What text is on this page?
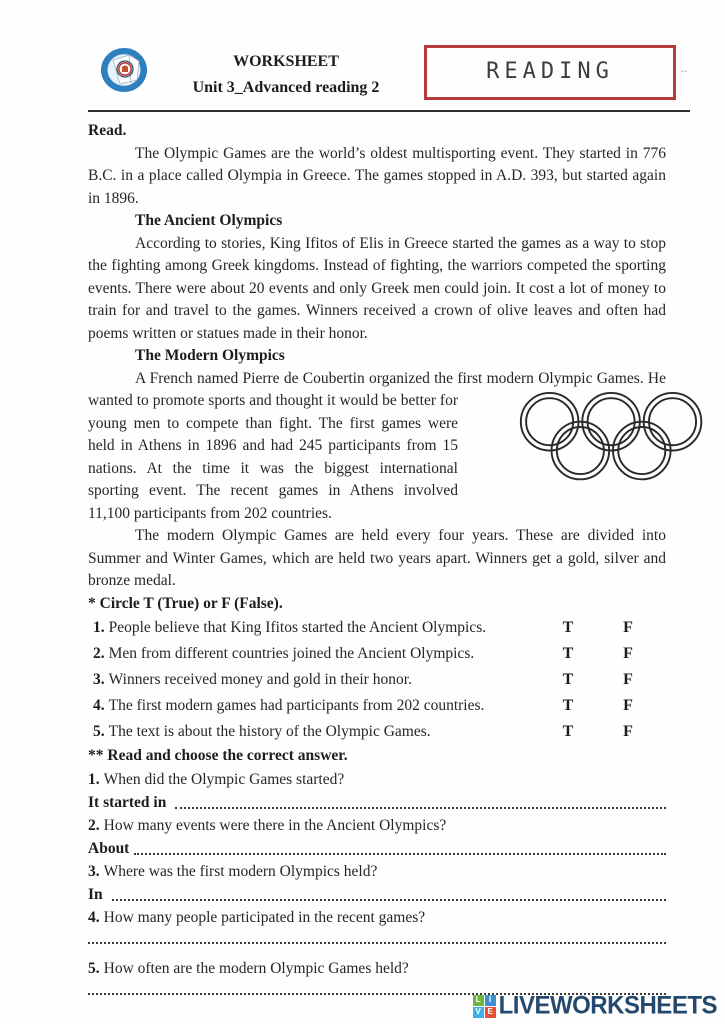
WORKSHEET
Unit 3_Advanced reading 2
READING	..

Read.

The Olympic Games are the world’s oldest multisporting event. They started in 776 B.C. in a place called Olympia in Greece. The games stopped in A.D. 393, but started again in 1896.

The Ancient Olympics

According to stories, King Ifitos of Elis in Greece started the games as a way to stop the fighting among Greek kingdoms. Instead of fighting, the warriors competed the sporting events. There were about 20 events and only Greek men could join. It cost a lot of money to train for and travel to the games. Winners received a crown of olive leaves and often had poems written or statues made in their honor.

The Modern Olympics

A French named Pierre de Coubertin organized the first modern Olympic Games. He wanted to promote sports and thought it would be better for young men to compete than fight. The first games were held in Athens in 1896 and had 245 participants from 15 nations. At the time it was the biggest international sporting event. The recent games in Athens involved 11,100 participants from 202 countries.

The modern Olympic Games are held every four years. These are divided into Summer and Winter Games, which are held two years apart. Winners get a gold, silver and bronze medal.

* Circle T (True) or F (False).

1. People believe that King Ifitos started the Ancient Olympics.	T	F
2. Men from different countries joined the Ancient Olympics.	T	F
3. Winners received money and gold in their honor.	T	F
4. The first modern games had participants from 202 countries.	T	F
5. The text is about the history of the Olympic Games.	T	F

** Read and choose the correct answer.

1. When did the Olympic Games started?

It started in

2. How many events were there in the Ancient Olympics?

About

3. Where was the first modern Olympics held?

In

4. How many people participated in the recent games?

5. How often are the modern Olympic Games held?

L	I
V E LIVEWORKSHEETS
